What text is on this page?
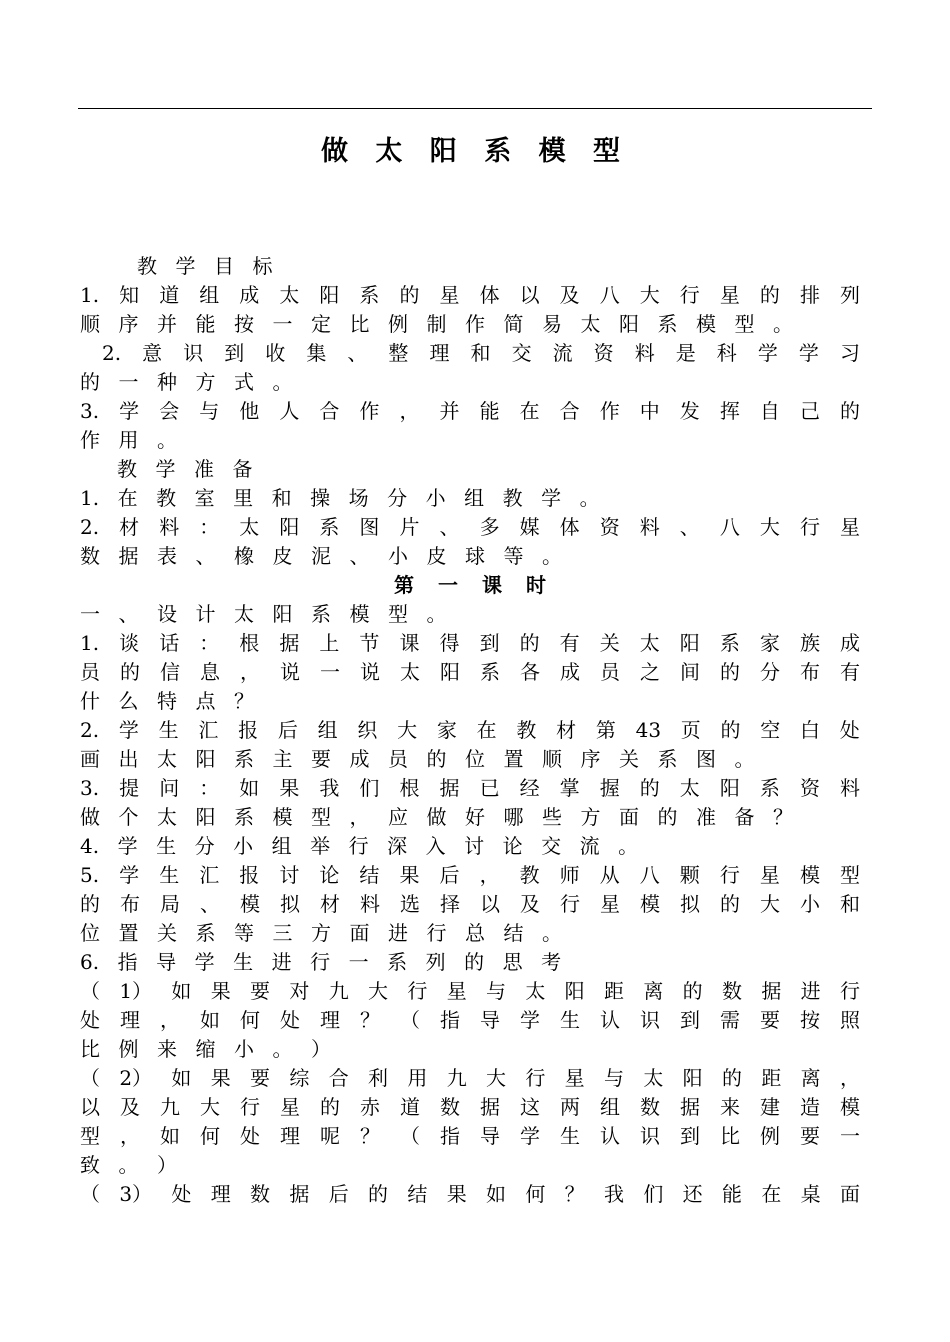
做 太 阳 系 模 型
教 学 目 标
1. 知 道 组 成 太 阳 系 的 星 体 以 及 八 大 行 星 的 排 列
顺 序 并 能 按 一 定 比 例 制 作 简 易 太 阳 系 模 型 。
2. 意 识 到 收 集 、 整 理 和 交 流 资 料 是 科 学 学 习
的 一 种 方 式 。
3. 学 会 与 他 人 合 作 ， 并 能 在 合 作 中 发 挥 自 己 的
作 用 。
教 学 准 备
1. 在 教 室 里 和 操 场 分 小 组 教 学 。
2. 材 料 ： 太 阳 系 图 片 、 多 媒 体 资 料 、 八 大 行 星
数 据 表 、 橡 皮 泥 、 小 皮 球 等 。
第 一 课 时
一 、 设 计 太 阳 系 模 型 。
1. 谈 话 ： 根 据 上 节 课 得 到 的 有 关 太 阳 系 家 族 成
员 的 信 息 ， 说 一 说 太 阳 系 各 成 员 之 间 的 分 布 有
什 么 特 点 ？
2. 学 生 汇 报 后 组 织 大 家 在 教 材 第 43 页 的 空 白 处
画 出 太 阳 系 主 要 成 员 的 位 置 顺 序 关 系 图 。
3. 提 问 ： 如 果 我 们 根 据 已 经 掌 握 的 太 阳 系 资 料
做 个 太 阳 系 模 型 ， 应 做 好 哪 些 方 面 的 准 备 ？
4. 学 生 分 小 组 举 行 深 入 讨 论 交 流 。
5. 学 生 汇 报 讨 论 结 果 后 ， 教 师 从 八 颗 行 星 模 型
的 布 局 、 模 拟 材 料 选 择 以 及 行 星 模 拟 的 大 小 和
位 置 关 系 等 三 方 面 进 行 总 结 。
6. 指 导 学 生 进 行 一 系 列 的 思 考
（ 1） 如 果 要 对 九 大 行 星 与 太 阳 距 离 的 数 据 进 行
处 理 ， 如 何 处 理 ？ （ 指 导 学 生 认 识 到 需 要 按 照
比 例 来 缩 小 。 ）
（ 2） 如 果 要 综 合 利 用 九 大 行 星 与 太 阳 的 距 离 ，
以 及 九 大 行 星 的 赤 道 数 据 这 两 组 数 据 来 建 造 模
型 ， 如 何 处 理 呢 ？ （ 指 导 学 生 认 识 到 比 例 要 一
致 。 ）
（ 3） 处 理 数 据 后 的 结 果 如 何 ？ 我 们 还 能 在 桌 面
